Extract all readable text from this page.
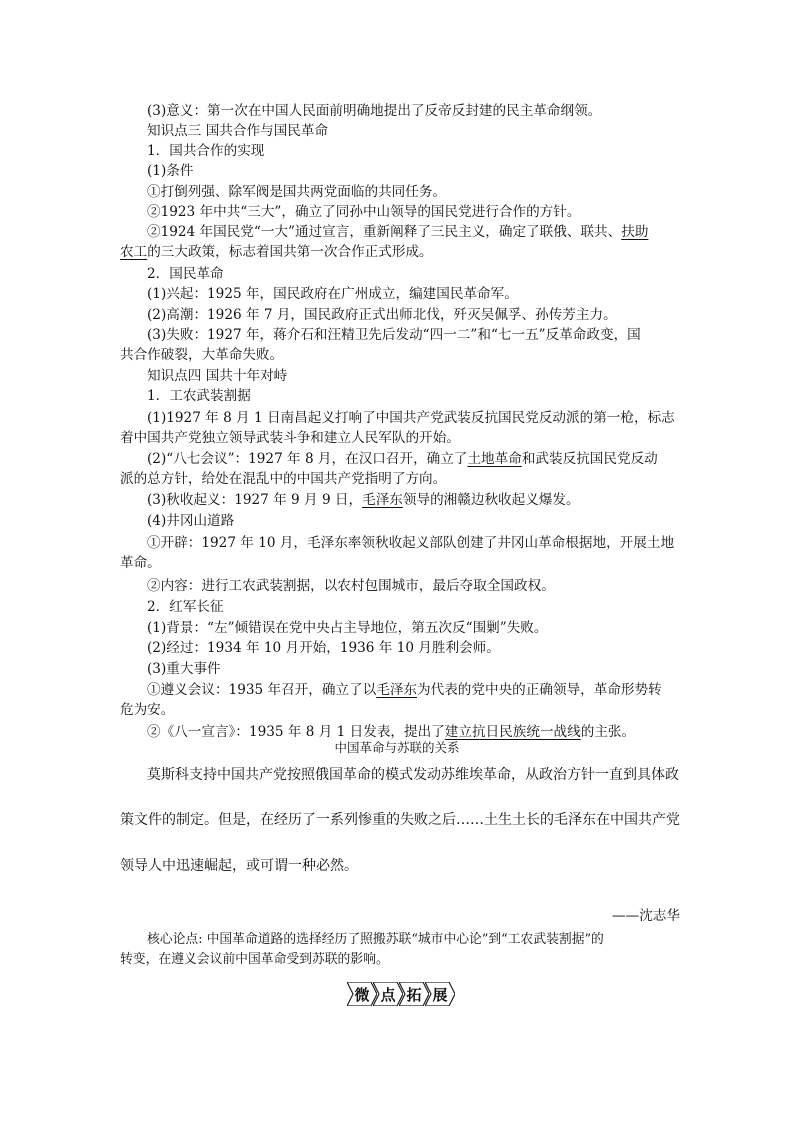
(3)意义：第一次在中国人民面前明确地提出了反帝反封建的民主革命纲领。
知识点三 国共合作与国民革命
1．国共合作的实现
(1)条件
①打倒列强、除军阀是国共两党面临的共同任务。
②1923 年中共“三大”，确立了同孙中山领导的国民党进行合作的方针。
②1924 年国民党“一大”通过宣言，重新阐释了三民主义，确定了联俄、联共、扶助
农工的三大政策，标志着国共第一次合作正式形成。
2．国民革命
(1)兴起：1925 年，国民政府在广州成立，编建国民革命军。
(2)高潮：1926 年 7 月，国民政府正式出师北伐，歼灭吴佩孚、孙传芳主力。
(3)失败：1927 年，蒋介石和汪精卫先后发动“四一二”和“七一五”反革命政变，国
共合作破裂，大革命失败。
知识点四 国共十年对峙
1．工农武装割据
(1)1927 年 8 月 1 日南昌起义打响了中国共产党武装反抗国民党反动派的第一枪，标志
着中国共产党独立领导武装斗争和建立人民军队的开始。
(2)“八七会议”：1927 年 8 月，在汉口召开，确立了土地革命和武装反抗国民党反动
派的总方针，给处在混乱中的中国共产党指明了方向。
(3)秋收起义：1927 年 9 月 9 日，毛泽东领导的湘赣边秋收起义爆发。
(4)井冈山道路
①开辟：1927 年 10 月，毛泽东率领秋收起义部队创建了井冈山革命根据地，开展土地
革命。
②内容：进行工农武装割据，以农村包围城市，最后夺取全国政权。
2．红军长征
(1)背景：“左”倾错误在党中央占主导地位，第五次反“围剿”失败。
(2)经过：1934 年 10 月开始，1936 年 10 月胜利会师。
(3)重大事件
①遵义会议：1935 年召开，确立了以毛泽东为代表的党中央的正确领导，革命形势转
危为安。
②《八一宣言》：1935 年 8 月 1 日发表，提出了建立抗日民族统一战线的主张。
中国革命与苏联的关系
莫斯科支持中国共产党按照俄国革命的模式发动苏维埃革命，从政治方针一直到具体政
策文件的制定。但是，在经历了一系列惨重的失败之后……土生土长的毛泽东在中国共产党
领导人中迅速崛起，或可谓一种必然。
——沈志华
核心论点: 中国革命道路的选择经历了照搬苏联“城市中心论”到“工农武装割据”的
转变，在遵义会议前中国革命受到苏联的影响。
微 点 拓 展
